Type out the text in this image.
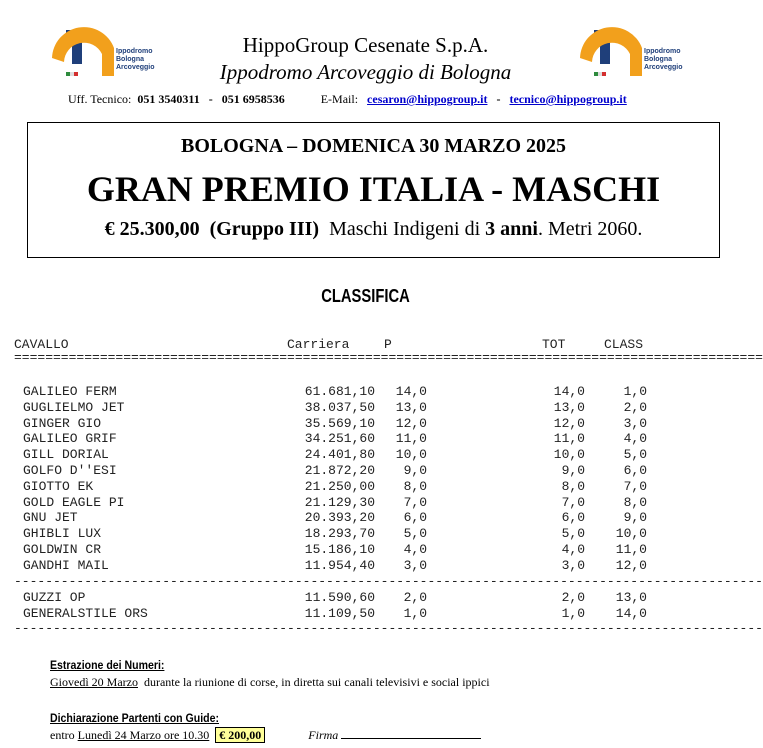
Ippodromo
Bologna
Arcoveggio
Ippodromo
Bologna
Arcoveggio
HippoGroup Cesenate S.p.A.
Ippodromo Arcoveggio di Bologna
Uff. Tecnico: 051 3540311 - 051 6958536	E-Mail: cesaron@hippogroup.it - tecnico@hippogroup.it
BOLOGNA – DOMENICA 30 MARZO 2025
GRAN PREMIO ITALIA - MASCHI
€ 25.300,00 (Gruppo III) Maschi Indigeni di 3 anni. Metri 2060.
CLASSIFICA
CAVALLO	Carriera	P	TOT	CLASS
================================================================================================
GALILEO FERM	61.681,10 14,0	14,0	1,0
GUGLIELMO JET	38.037,50 13,0	13,0	2,0
GINGER GIO	35.569,10 12,0	12,0	3,0
GALILEO GRIF	34.251,60 11,0	11,0	4,0
GILL DORIAL	24.401,80 10,0	10,0	5,0
GOLFO D''ESI	21.872,20 9,0	9,0	6,0
GIOTTO EK	21.250,00 8,0	8,0	7,0
GOLD EAGLE PI	21.129,30 7,0	7,0	8,0
GNU JET	20.393,20 6,0	6,0	9,0
GHIBLI LUX	18.293,70 5,0	5,0 10,0
GOLDWIN CR	15.186,10 4,0	4,0 11,0
GANDHI MAIL	11.954,40 3,0	3,0 12,0
GUZZI OP	11.590,60 2,0	2,0 13,0
GENERALSTILE ORS	11.109,50 1,0	1,0 14,0
------------------------------------------------------------------------------------------------
------------------------------------------------------------------------------------------------
Estrazione dei Numeri:
Giovedì 20 Marzo durante la riunione di corse, in diretta sui canali televisivi e social ippici
Dichiarazione Partenti con Guide:
entro Lunedì 24 Marzo ore 10.30 € 200,00	Firma
